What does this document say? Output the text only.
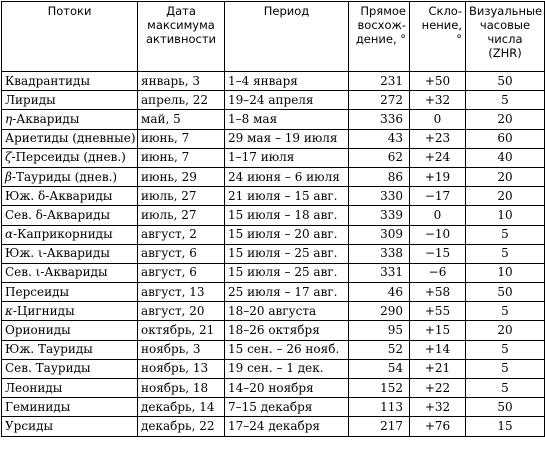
Потоки	Дата максимума активности	Период	Прямое восхож-дение, °	Скло-нение, °	Визуальные часовые числа (ZHR)
Квадрантиды	январь, 3	1–4 января	231	+50	50
Лириды	апрель, 22	19–24 апреля	272	+32	5
η-Аквариды	май, 5	1–8 мая	336	0	20
Ариетиды (дневные)	июнь, 7	29 мая – 19 июля	43	+23	60
ζ-Персеиды (днев.)	июнь, 7	1–17 июля	62	+24	40
β-Тауриды (днев.)	июнь, 29	24 июня – 6 июля	86	+19	20
Юж. δ-Аквариды	июль, 27	21 июля – 15 авг.	330	−17	20
Сев. δ-Аквариды	июль, 27	15 июля – 18 авг.	339	0	10
α-Каприкорниды	август, 2	15 июля – 20 авг.	309	−10	5
Юж. ι-Аквариды	август, 6	15 июля – 25 авг.	338	−15	5
Сев. ι-Аквариды	август, 6	15 июля – 25 авг.	331	−6	10
Персеиды	август, 13	25 июля – 17 авг.	46	+58	50
κ-Цигниды	август, 20	18–20 августа	290	+55	5
Ориониды	октябрь, 21	18–26 октября	95	+15	20
Юж. Тауриды	ноябрь, 3	15 сен. – 26 нояб.	52	+14	5
Сев. Тауриды	ноябрь, 13	19 сен. – 1 дек.	54	+21	5
Леониды	ноябрь, 18	14–20 ноября	152	+22	5
Геминиды	декабрь, 14	7–15 декабря	113	+32	50
Урсиды	декабрь, 22	17–24 декабря	217	+76	15
